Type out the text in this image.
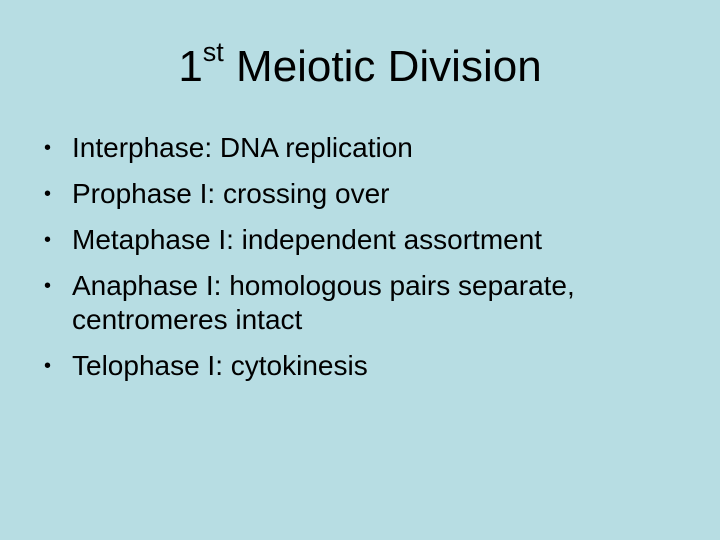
1st Meiotic Division
• Interphase: DNA replication
• Prophase I: crossing over
• Metaphase I: independent assortment
• Anaphase I: homologous pairs separate,
centromeres intact
• Telophase I: cytokinesis
